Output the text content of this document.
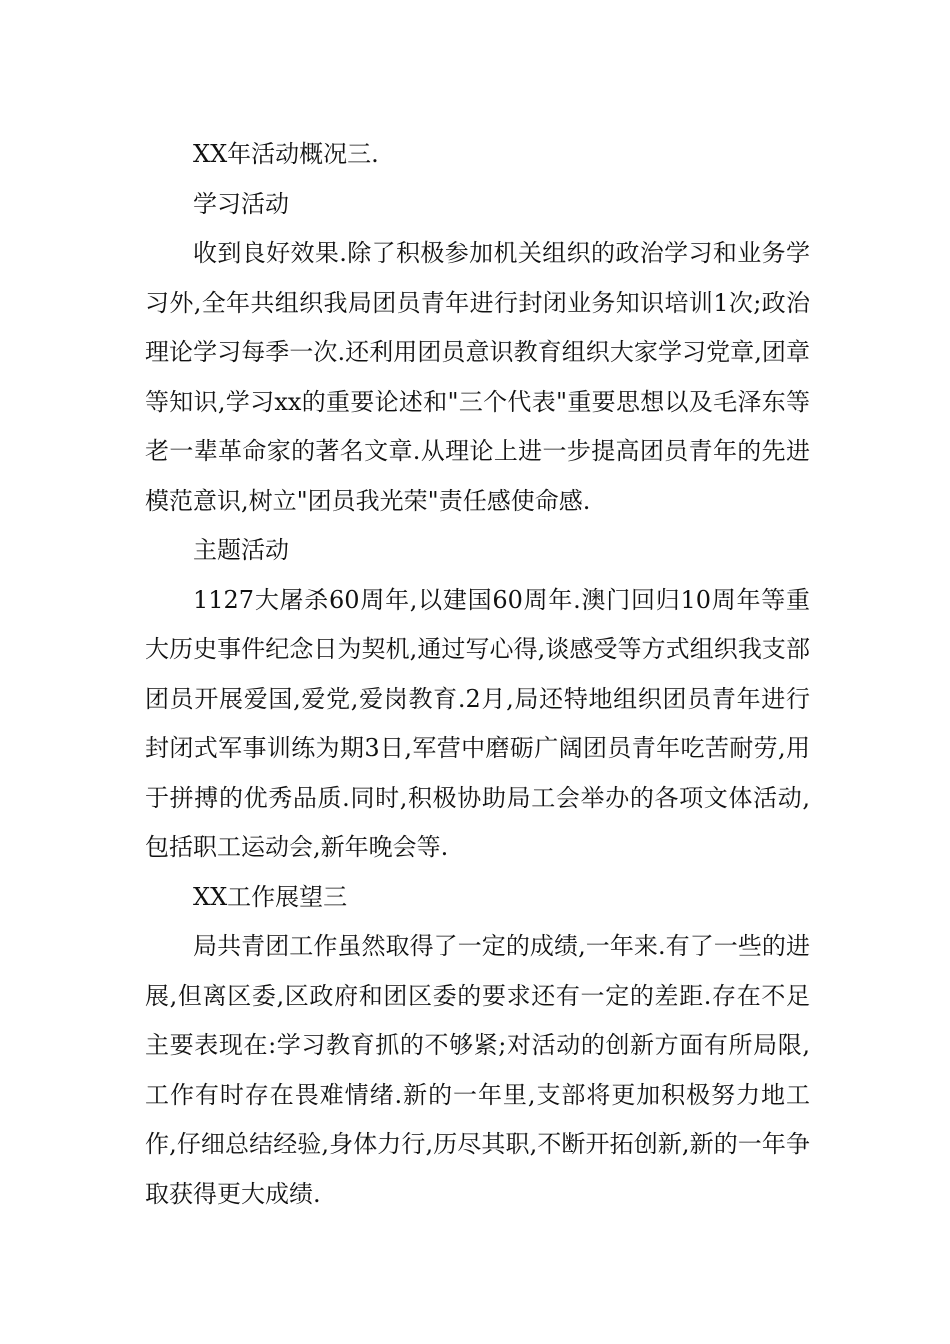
XX年活动概况三.

学习活动

收到良好效果.除了积极参加机关组织的政治学习和业务学习外,全年共组织我局团员青年进行封闭业务知识培训1次;政治理论学习每季一次.还利用团员意识教育组织大家学习党章,团章等知识,学习xx的重要论述和"三个代表"重要思想以及毛泽东等老一辈革命家的著名文章.从理论上进一步提高团员青年的先进模范意识,树立"团员我光荣"责任感使命感.

主题活动

1127大屠杀60周年,以建国60周年.澳门回归10周年等重大历史事件纪念日为契机,通过写心得,谈感受等方式组织我支部团员开展爱国,爱党,爱岗教育.2月,局还特地组织团员青年进行封闭式军事训练为期3日,军营中磨砺广阔团员青年吃苦耐劳,用于拼搏的优秀品质.同时,积极协助局工会举办的各项文体活动,包括职工运动会,新年晚会等.

XX工作展望三

局共青团工作虽然取得了一定的成绩,一年来.有了一些的进展,但离区委,区政府和团区委的要求还有一定的差距.存在不足主要表现在:学习教育抓的不够紧;对活动的创新方面有所局限,工作有时存在畏难情绪.新的一年里,支部将更加积极努力地工作,仔细总结经验,身体力行,历尽其职,不断开拓创新,新的一年争取获得更大成绩.
